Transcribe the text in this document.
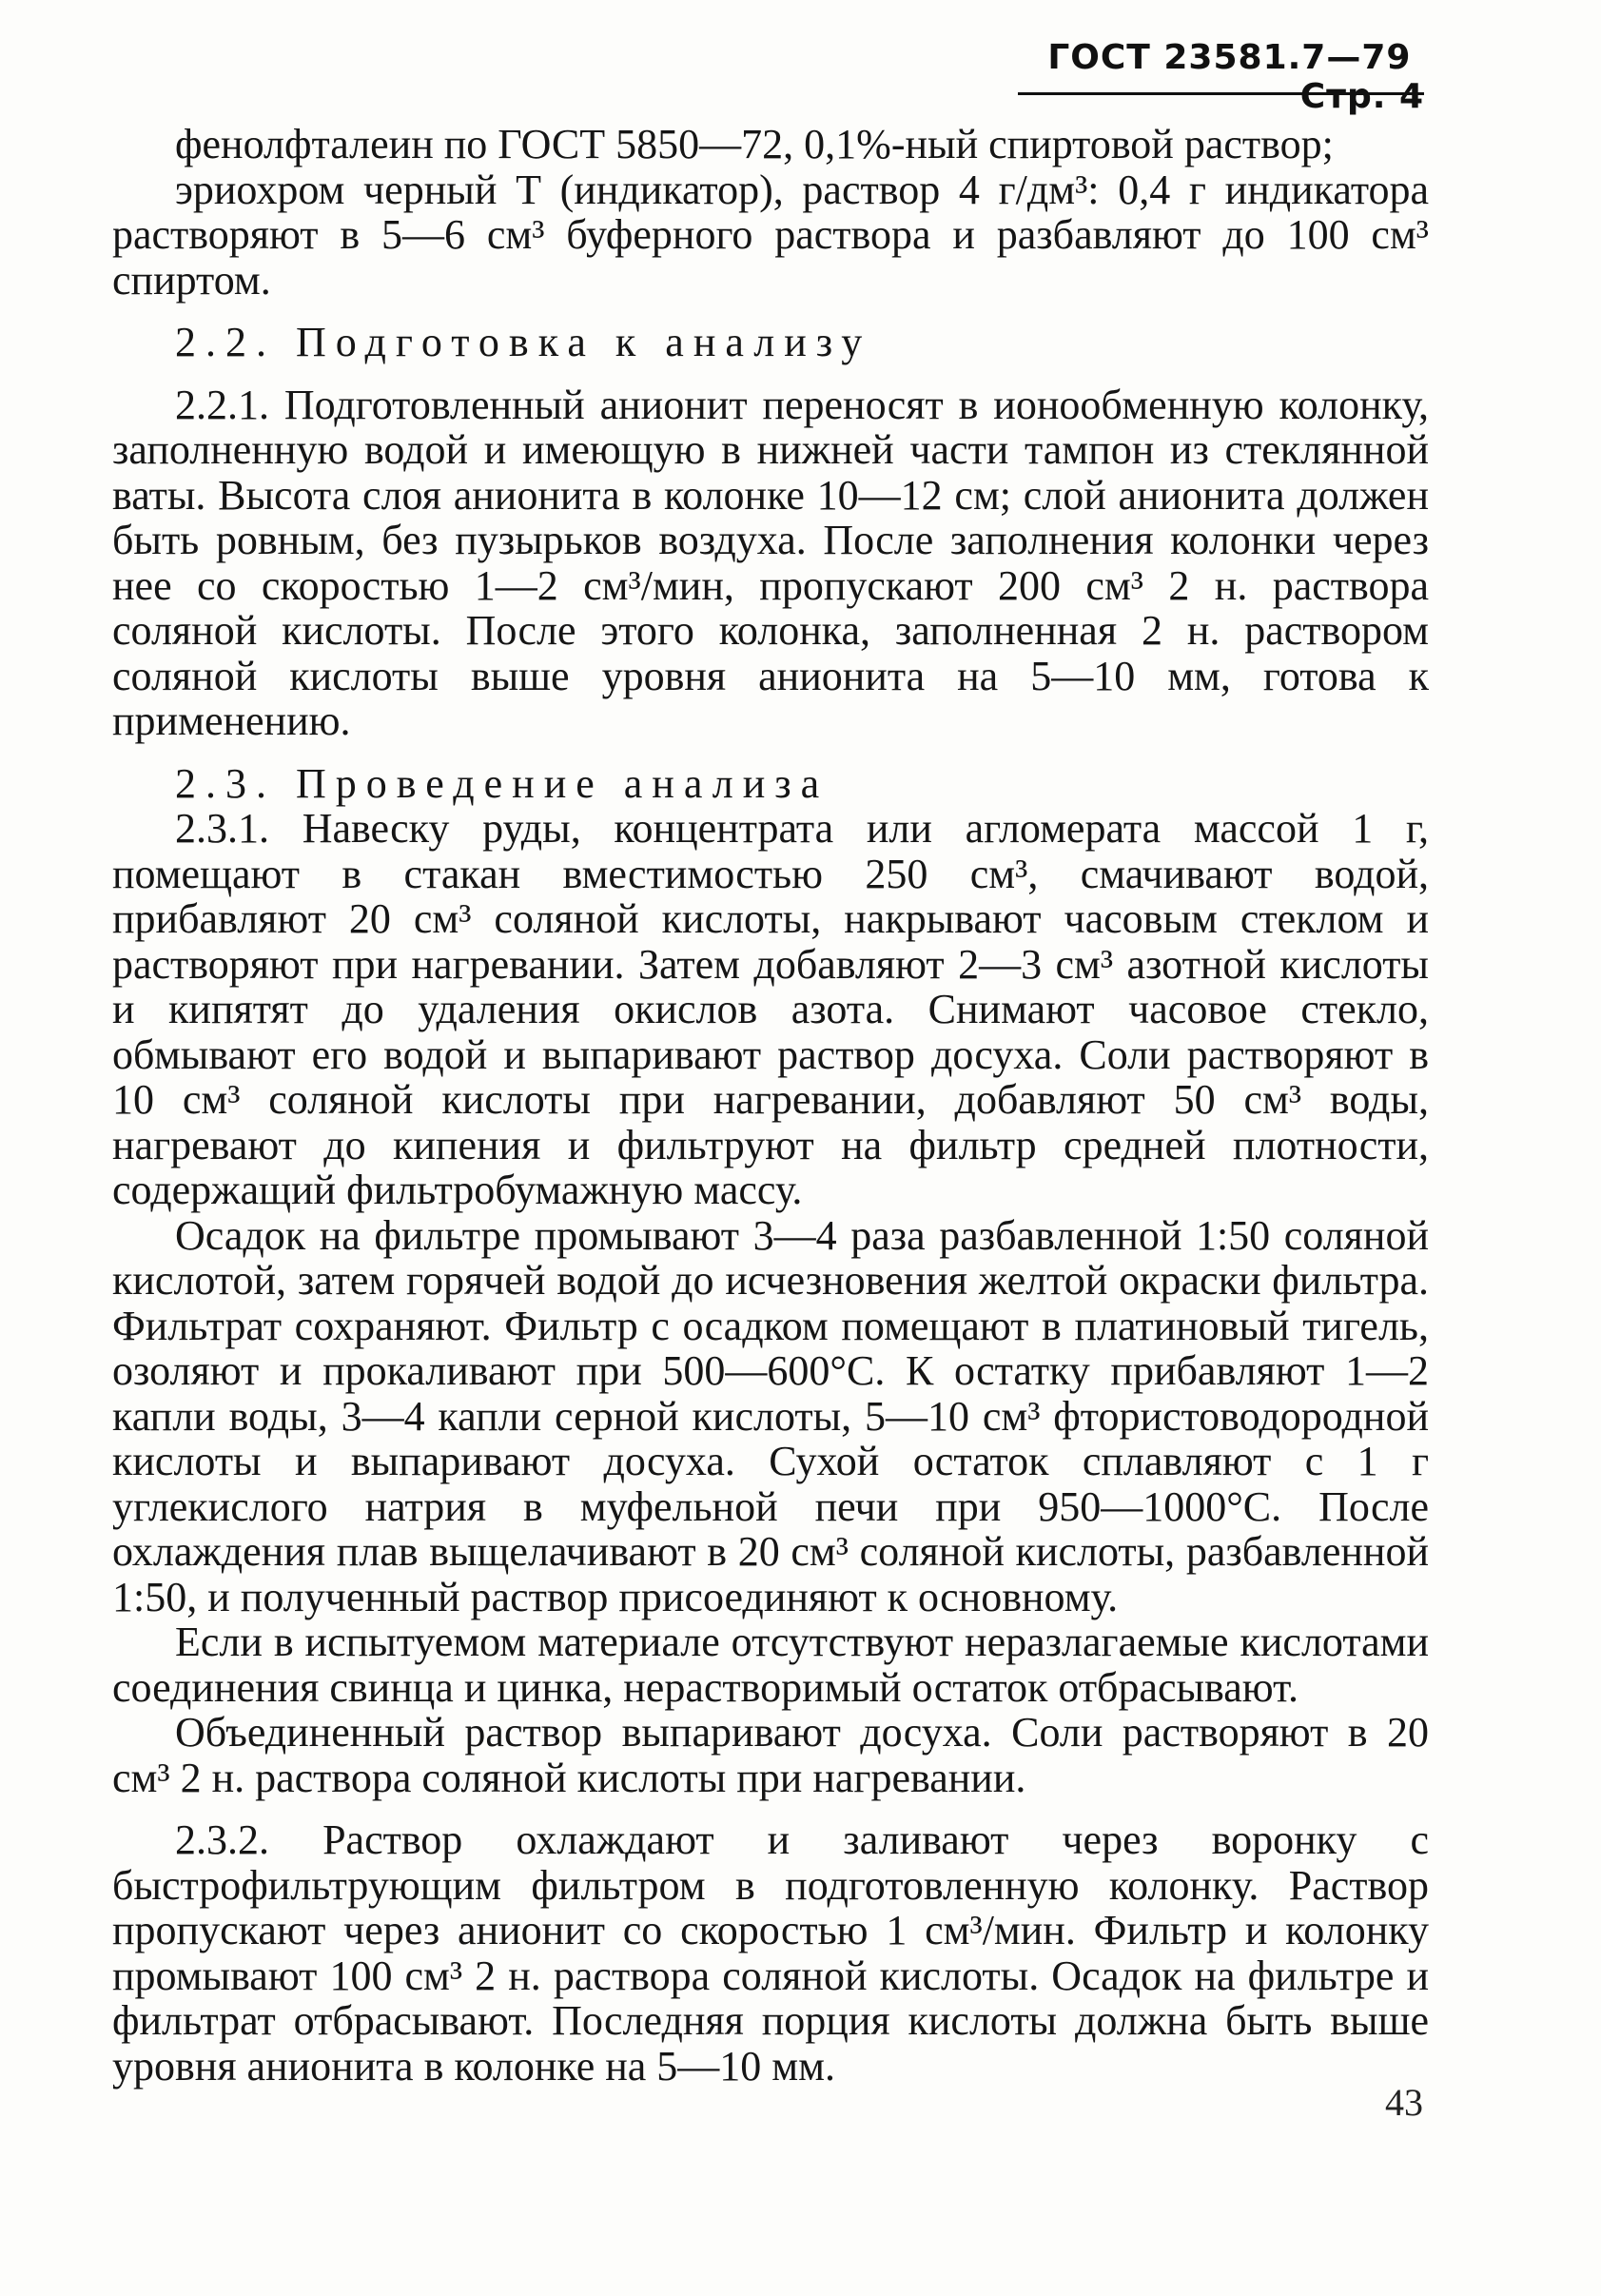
ГОСТ 23581.7—79  Стр. 4

фенолфталеин по ГОСТ 5850—72, 0,1%-ный спиртовой раствор;

эриохром черный Т (индикатор), раствор 4 г/дм³: 0,4 г индикатора растворяют в 5—6 см³ буферного раствора и разбавляют до 100 см³ спиртом.

2.2. Подготовка к анализу

2.2.1. Подготовленный анионит переносят в ионообменную колонку, заполненную водой и имеющую в нижней части тампон из стеклянной ваты. Высота слоя анионита в колонке 10—12 см; слой анионита должен быть ровным, без пузырьков воздуха. После заполнения колонки через нее со скоростью 1—2 см³/мин, пропускают 200 см³ 2 н. раствора соляной кислоты. После этого колонка, заполненная 2 н. раствором соляной кислоты выше уровня анионита на 5—10 мм, готова к применению.

2.3. Проведение анализа

2.3.1. Навеску руды, концентрата или агломерата массой 1 г, помещают в стакан вместимостью 250 см³, смачивают водой, прибавляют 20 см³ соляной кислоты, накрывают часовым стеклом и растворяют при нагревании. Затем добавляют 2—3 см³ азотной кислоты и кипятят до удаления окислов азота. Снимают часовое стекло, обмывают его водой и выпаривают раствор досуха. Соли растворяют в 10 см³ соляной кислоты при нагревании, добавляют 50 см³ воды, нагревают до кипения и фильтруют на фильтр средней плотности, содержащий фильтробумажную массу.

Осадок на фильтре промывают 3—4 раза разбавленной 1:50 соляной кислотой, затем горячей водой до исчезновения желтой окраски фильтра. Фильтрат сохраняют. Фильтр с осадком помещают в платиновый тигель, озоляют и прокаливают при 500—600°С. К остатку прибавляют 1—2 капли воды, 3—4 капли серной кислоты, 5—10 см³ фтористоводородной кислоты и выпаривают досуха. Сухой остаток сплавляют с 1 г углекислого натрия в муфельной печи при 950—1000°С. После охлаждения плав выщелачивают в 20 см³ соляной кислоты, разбавленной 1:50, и полученный раствор присоединяют к основному.

Если в испытуемом материале отсутствуют неразлагаемые кислотами соединения свинца и цинка, нерастворимый остаток отбрасывают.

Объединенный раствор выпаривают досуха. Соли растворяют в 20 см³ 2 н. раствора соляной кислоты при нагревании.

2.3.2. Раствор охлаждают и заливают через воронку с быстрофильтрующим фильтром в подготовленную колонку. Раствор пропускают через анионит со скоростью 1 см³/мин. Фильтр и колонку промывают 100 см³ 2 н. раствора соляной кислоты. Осадок на фильтре и фильтрат отбрасывают. Последняя порция кислоты должна быть выше уровня анионита в колонке на 5—10 мм.

43
